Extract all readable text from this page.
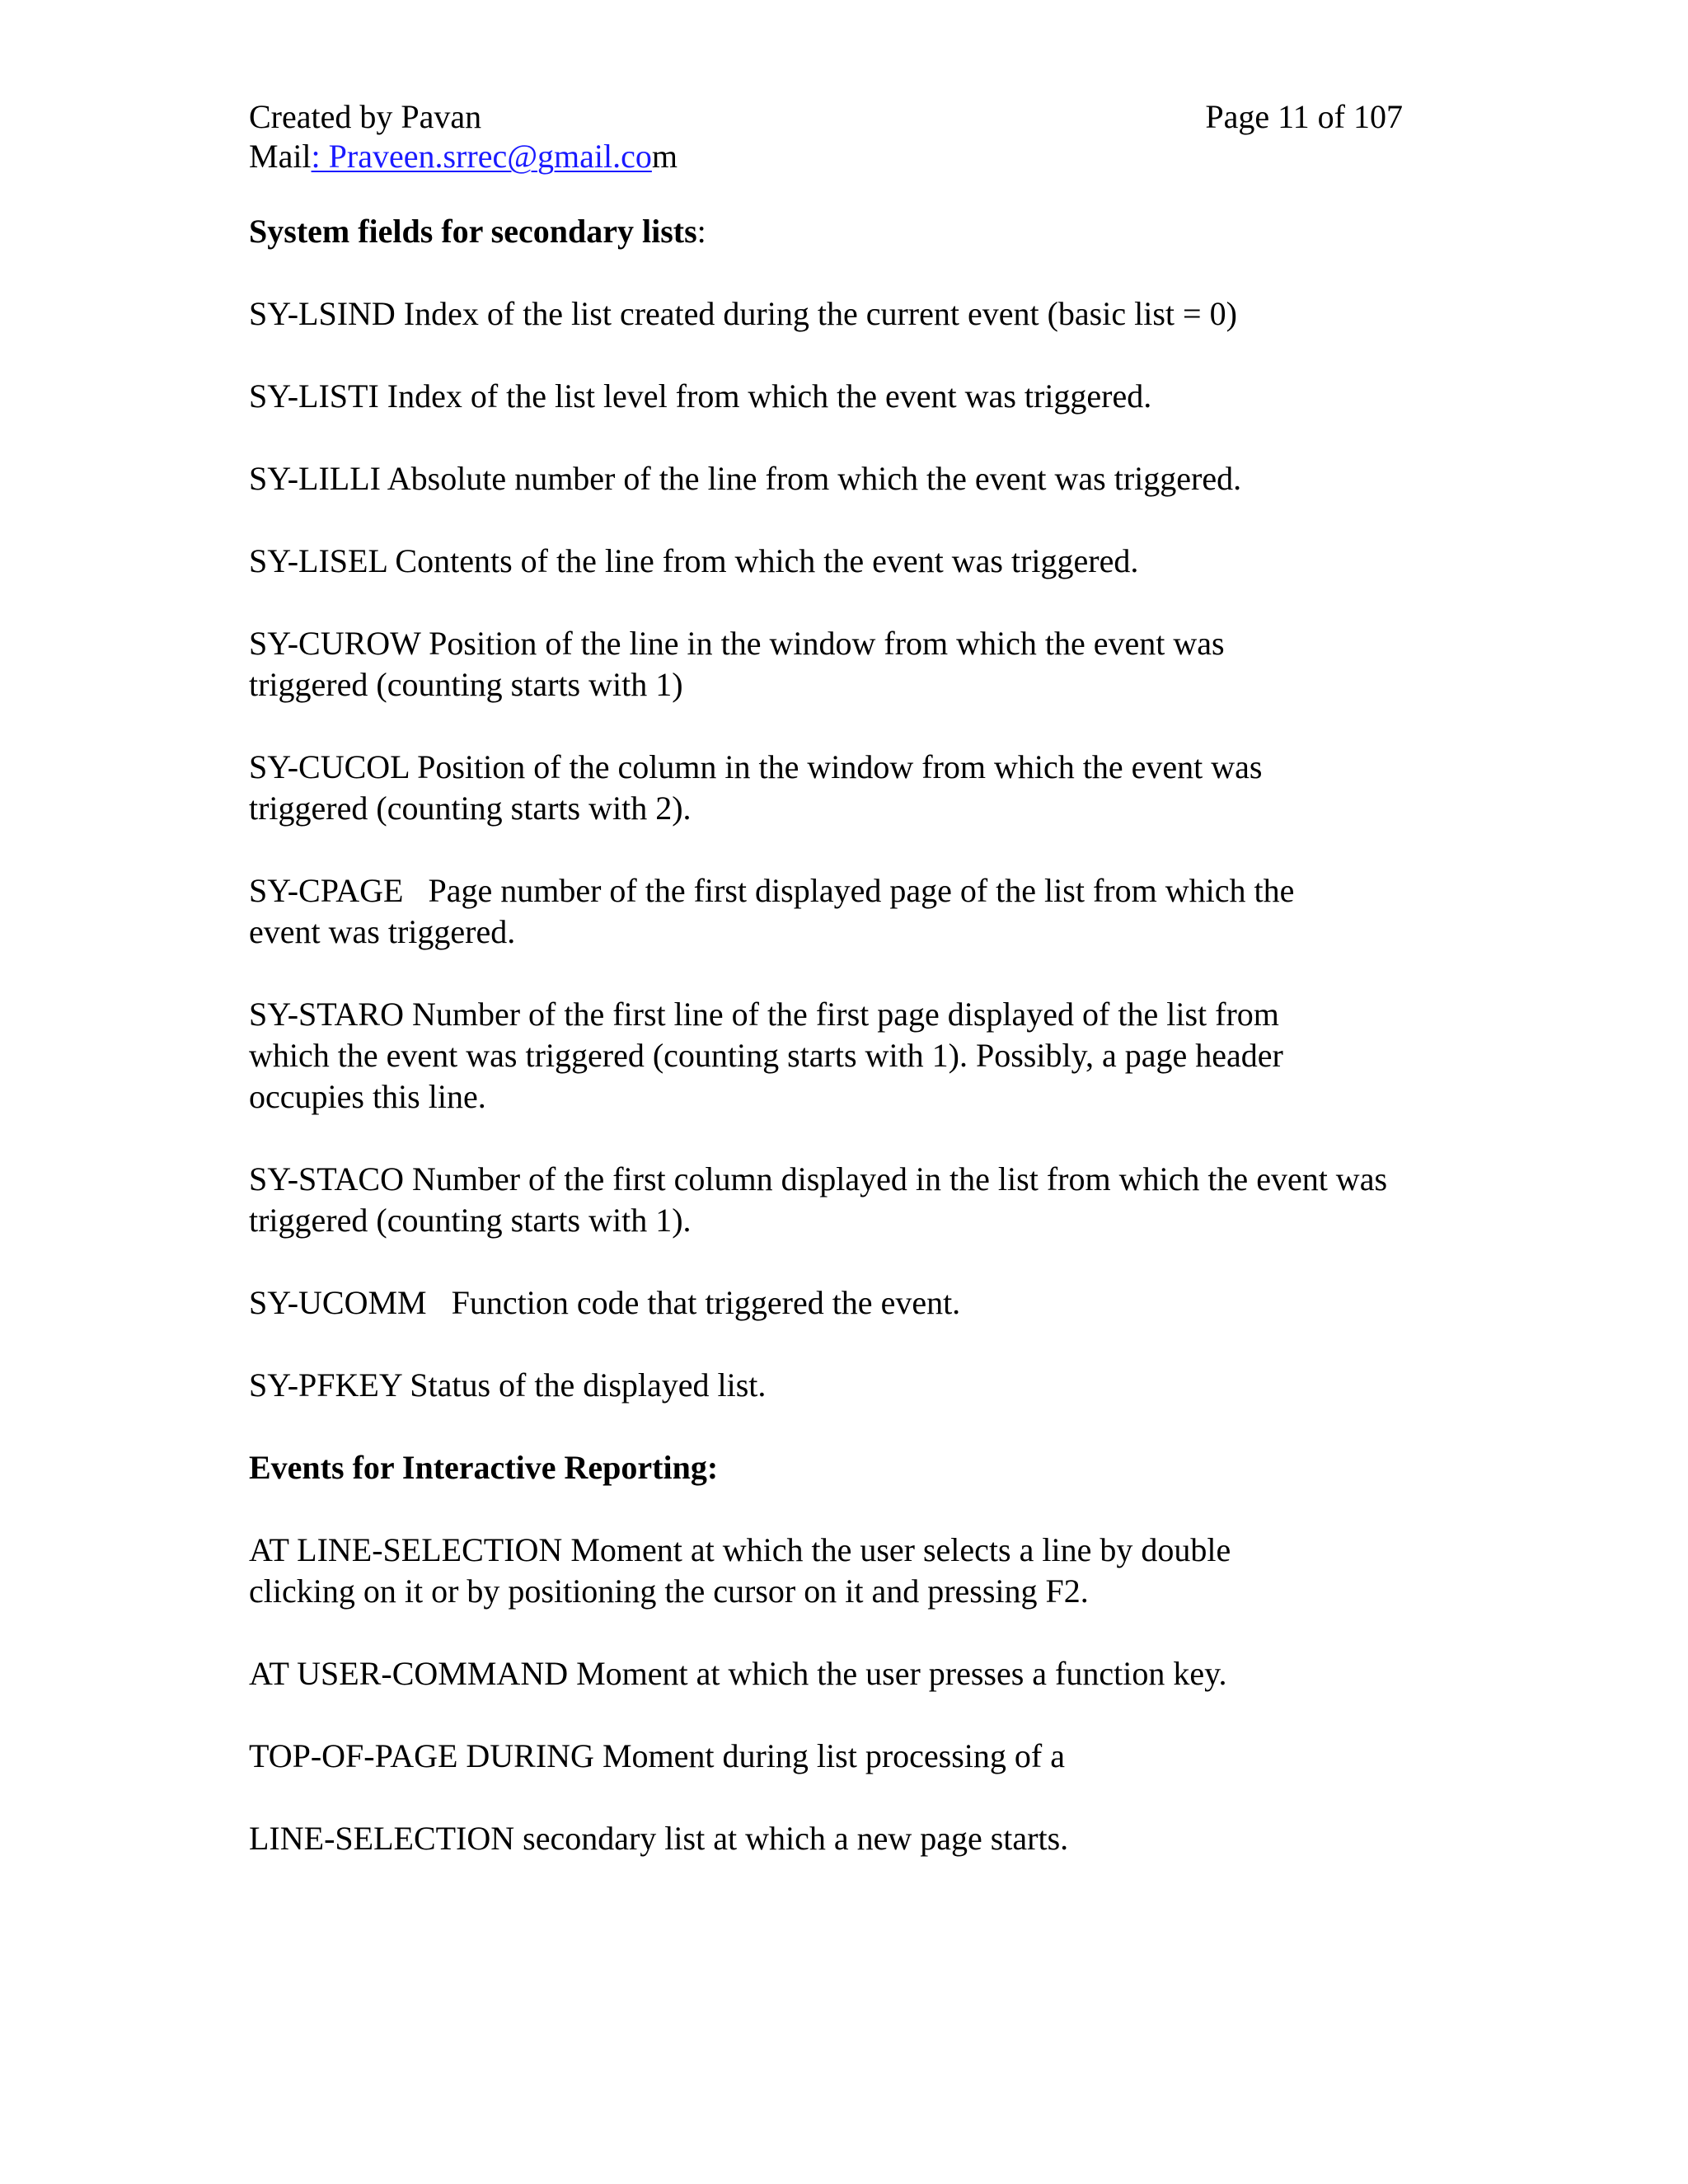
Created by Pavan	Page 11 of 107
Mail: Praveen.srrec@gmail.com

System fields for secondary lists:

SY-LSIND Index of the list created during the current event (basic list = 0)

SY-LISTI Index of the list level from which the event was triggered.

SY-LILLI Absolute number of the line from which the event was triggered.

SY-LISEL Contents of the line from which the event was triggered.

SY-CUROW Position of the line in the window from which the event was triggered (counting starts with 1)

SY-CUCOL Position of the column in the window from which the event was triggered (counting starts with 2).

SY-CPAGE   Page number of the first displayed page of the list from which the event was triggered.

SY-STARO Number of the first line of the first page displayed of the list from which the event was triggered (counting starts with 1). Possibly, a page header occupies this line.

SY-STACO Number of the first column displayed in the list from which the event was triggered (counting starts with 1).

SY-UCOMM   Function code that triggered the event.

SY-PFKEY Status of the displayed list.

Events for Interactive Reporting:

AT LINE-SELECTION Moment at which the user selects a line by double clicking on it or by positioning the cursor on it and pressing F2.

AT USER-COMMAND Moment at which the user presses a function key.

TOP-OF-PAGE DURING Moment during list processing of a

LINE-SELECTION secondary list at which a new page starts.
